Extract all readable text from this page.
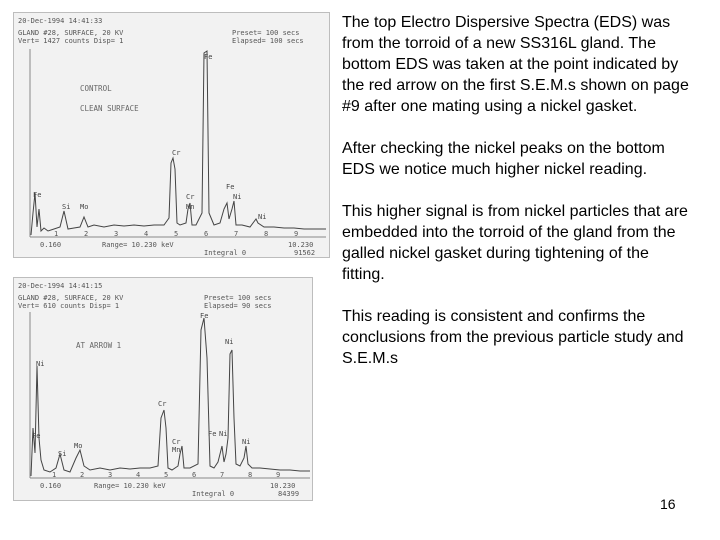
20-Dec-1994 14:41:33
GLAND #28, SURFACE, 20 KV
Vert= 1427 counts Disp= 1
Preset= 100 secs
Elapsed= 100 secs
CONTROL
CLEAN SURFACE
Fe
Cr
Cr
Fe
Ni
Ni
Fe
Si Mo	Mn
1	2	3	4	5	6	7	8	9
0.160	Range= 10.230 keV	10.230
Integral 0	91562
20-Dec-1994 14:41:15
GLAND #28, SURFACE, 20 KV
Vert= 610 counts Disp= 1
Preset= 100 secs
Elapsed= 90 secs
AT ARROW 1
Fe
Ni
Ni
Cr
Cr
Fe
Mn
Mo
Si
Ni
Fe
Ni
1	2	3	4	5	6	7	8	9
0.160	Range= 10.230 keV	10.230
Integral 0	84399

The top Electro Dispersive Spectra (EDS) was from the torroid of a new SS316L gland. The bottom EDS was taken at the point indicated by the red arrow on the first S.E.M.s shown on page #9 after one mating using a nickel gasket.

After checking the nickel peaks on the bottom EDS we notice much higher nickel reading.

This higher signal is from nickel particles that are embedded into the torroid of the gland from the galled nickel gasket during tightening of the fitting.

This reading is consistent and confirms the conclusions from the previous particle study and S.E.M.s

16
